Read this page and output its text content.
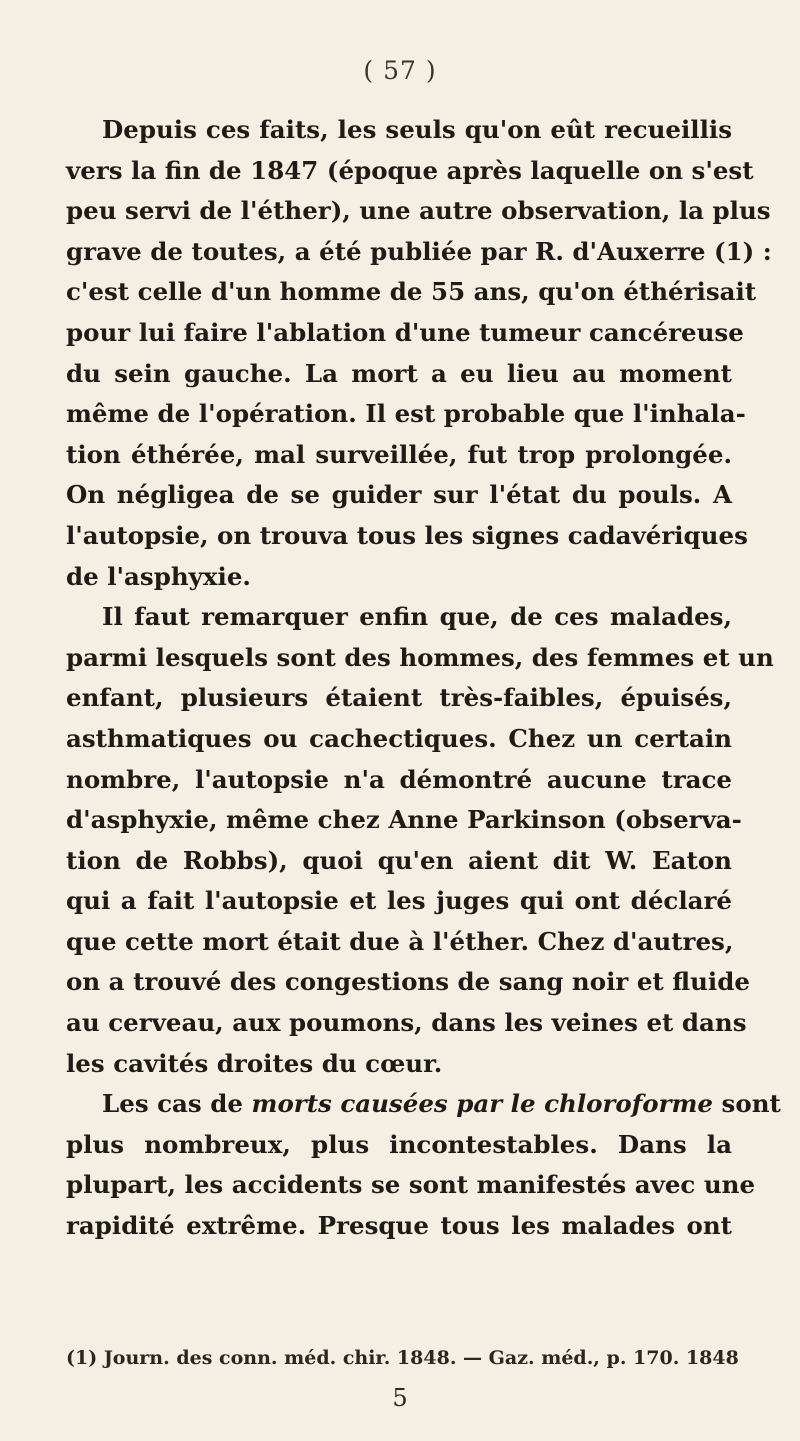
( 57 )

Depuis ces faits, les seuls qu'on eût recueillis
vers la fin de 1847 (époque après laquelle on s'est
peu servi de l'éther), une autre observation, la plus
grave de toutes, a été publiée par R. d'Auxerre (1) :
c'est celle d'un homme de 55 ans, qu'on éthérisait
pour lui faire l'ablation d'une tumeur cancéreuse
du sein gauche. La mort a eu lieu au moment
même de l'opération. Il est probable que l'inhala-
tion éthérée, mal surveillée, fut trop prolongée.
On négligea de se guider sur l'état du pouls. A
l'autopsie, on trouva tous les signes cadavériques
de l'asphyxie.

Il faut remarquer enfin que, de ces malades,
parmi lesquels sont des hommes, des femmes et un
enfant, plusieurs étaient très-faibles, épuisés,
asthmatiques ou cachectiques. Chez un certain
nombre, l'autopsie n'a démontré aucune trace
d'asphyxie, même chez Anne Parkinson (observa-
tion de Robbs), quoi qu'en aient dit W. Eaton
qui a fait l'autopsie et les juges qui ont déclaré
que cette mort était due à l'éther. Chez d'autres,
on a trouvé des congestions de sang noir et fluide
au cerveau, aux poumons, dans les veines et dans
les cavités droites du cœur.

Les cas de morts causées par le chloroforme sont
plus nombreux, plus incontestables. Dans la
plupart, les accidents se sont manifestés avec une
rapidité extrême. Presque tous les malades ont

(1) Journ. des conn. méd. chir. 1848. — Gaz. méd., p. 170. 1848
5
